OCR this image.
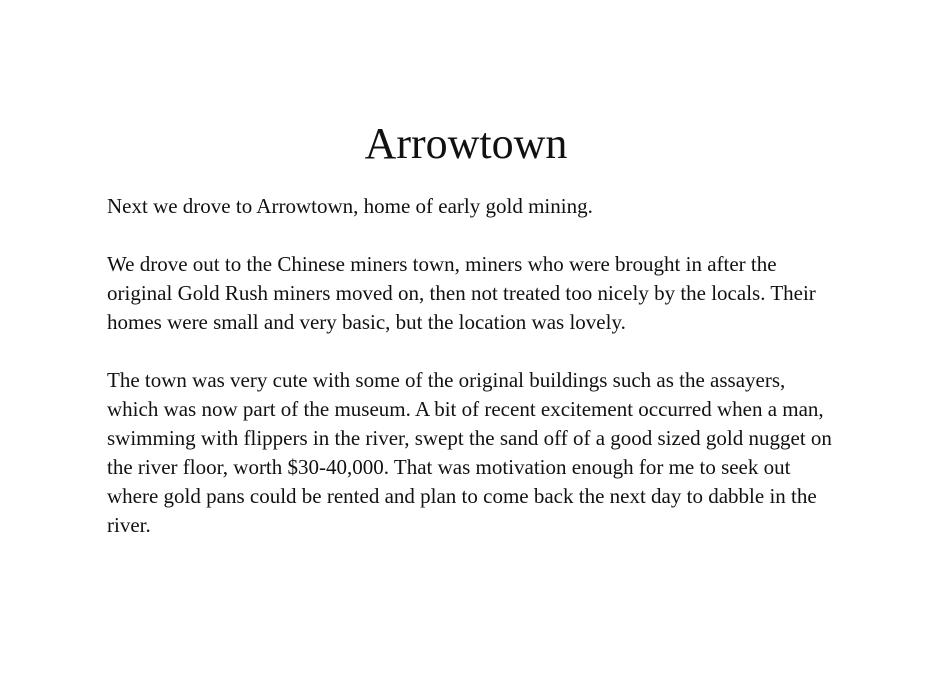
Arrowtown

Next we drove to Arrowtown, home of early gold mining.

We drove out to the Chinese miners town, miners who were brought in after the original Gold Rush miners moved on, then not treated too nicely by the locals. Their homes were small and very basic, but the location was lovely.

The town was very cute with some of the original buildings such as the assayers, which was now part of the museum. A bit of recent excitement occurred when a man, swimming with flippers in the river, swept the sand off of a good sized gold nugget on the river floor, worth $30-40,000. That was motivation enough for me to seek out where gold pans could be rented and plan to come back the next day to dabble in the river.
